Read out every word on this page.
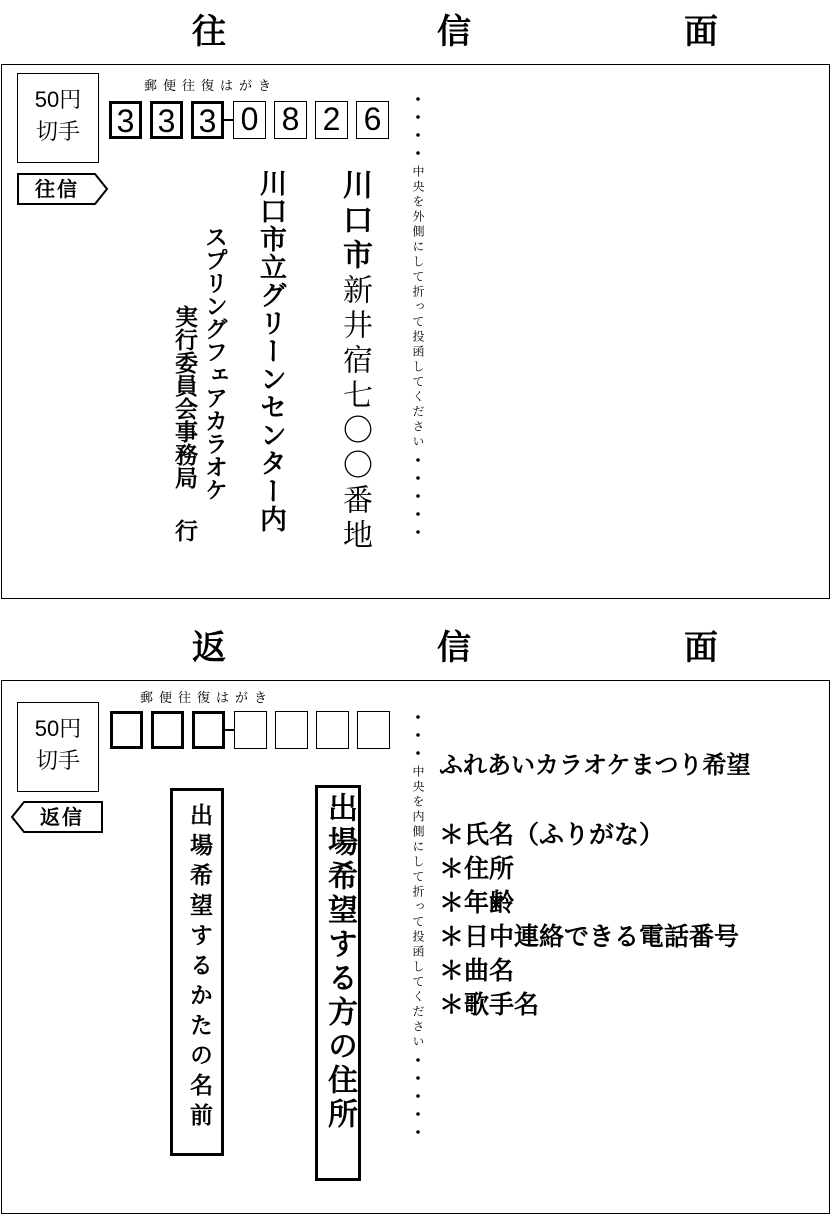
往	信	面
50円
切手
郵便往復はがき
3 3 3 0 8 2 6
往信
・
・
・
・
中央を外側にして折って投函してください
・
・
・
・
・
川口市新井宿七〇〇番地
川口市立グリーンセンター内
スプリングフェアカラオケ
実行委員会事務局
行
返	信	面
50円
切手
郵便往復はがき
返信
・
・
・
中央を内側にして折って投函してください
・
・
・
・
・
出場希望する方の住所
出場希望するかたの名前
ふれあいカラオケまつり希望
＊氏名（ふりがな）
＊住所
＊年齢
＊日中連絡できる電話番号
＊曲名
＊歌手名
